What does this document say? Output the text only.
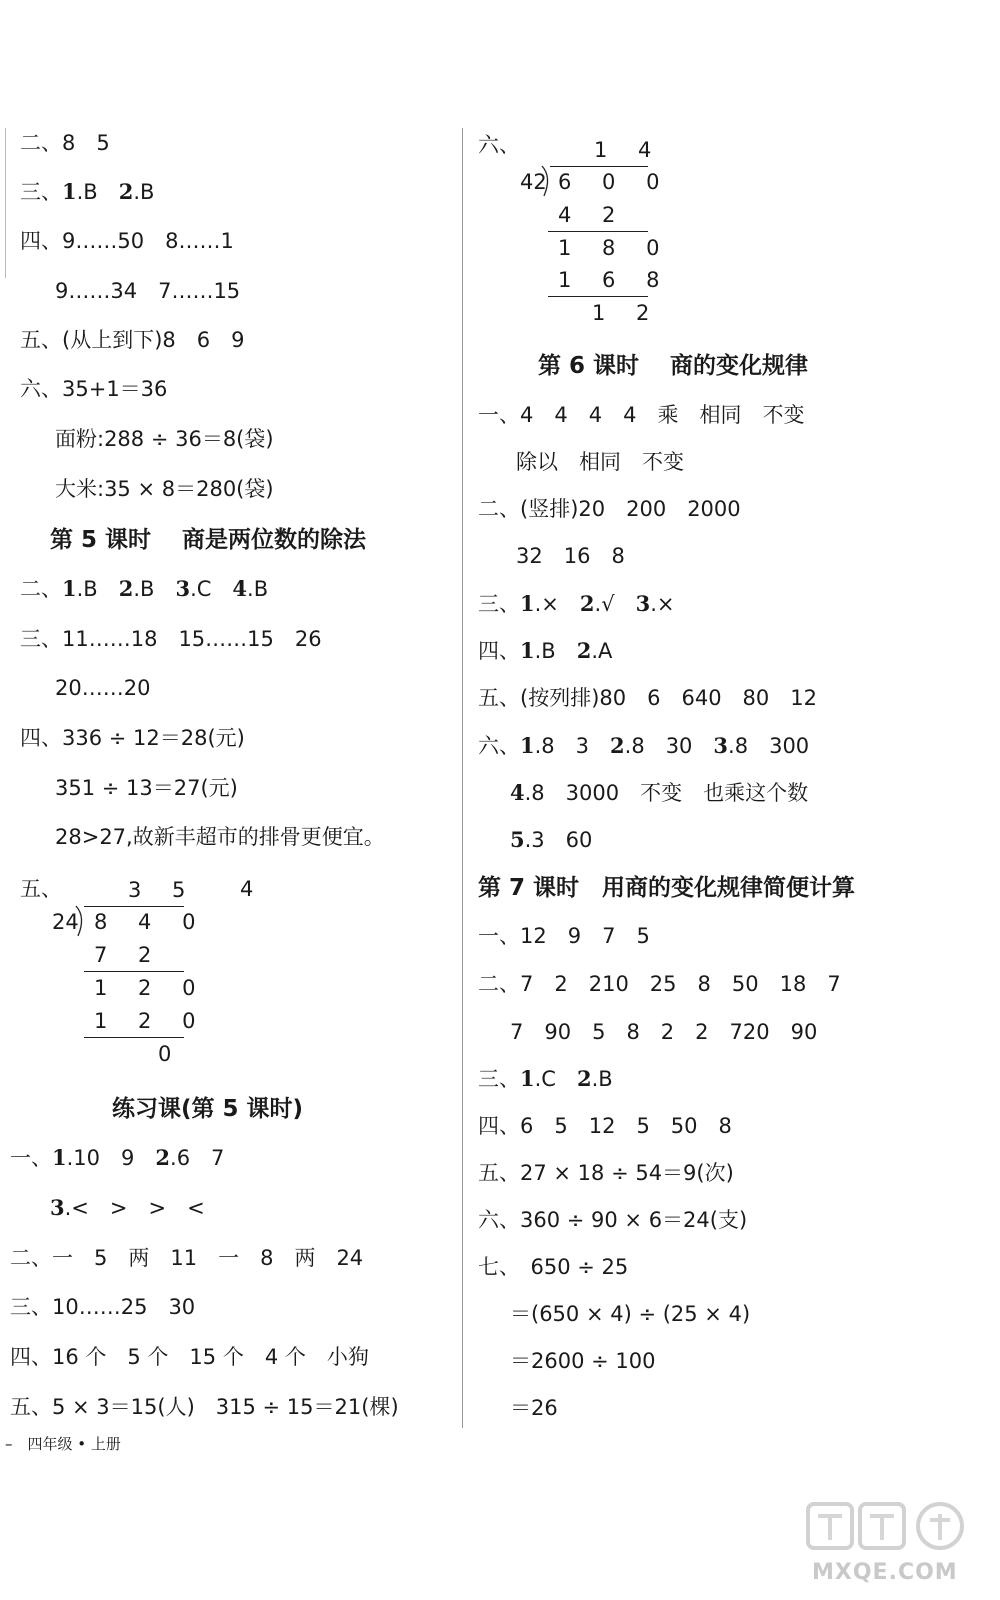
二、8　5
三、1.B　2.B
四、9……50　8……1
9……34　7……15
五、(从上到下)8　6　9
六、35+1＝36
面粉:288 ÷ 36＝8(袋)
大米:35 × 8＝280(袋)
第 5 课时　 商是两位数的除法
二、1.B　2.B　3.C　4.B
三、11……18　15……15　26
20……20
四、336 ÷ 12＝28(元)
351 ÷ 13＝27(元)
28>27,故新丰超市的排骨更便宜。
五、	4
3 5
24 8 4 0
7 2
1 2 0
1 2 0
0
练习课(第 5 课时)
一、1.10　9　2.6　7
3.<　>　>　<
二、一　5　两　11　一　8　两　24
三、10……25　30
四、16 个　5 个　15 个　4 个　小狗
五、5 × 3＝15(人)　315 ÷ 15＝21(棵)
六、	1 4
42 6 0 0
4 2
1 8 0
1 6 8
1 2
第 6 课时　 商的变化规律
一、4　4　4　4　乘　相同　不变
除以　相同　不变
二、(竖排)20　200　2000
32　16　8
三、1.×　2.√　3.×
四、1.B　2.A
五、(按列排)80　6　640　80　12
六、1.8　3　2.8　30　3.8　300
4.8　3000　不变　也乘这个数
5.3　60
第 7 课时　用商的变化规律简便计算
一、12　9　7　5
二、7　2　210　25　8　50　18　7
7　90　5　8　2　2　720　90
三、1.C　2.B
四、6　5　12　5　50　8
五、27 × 18 ÷ 54＝9(次)
六、360 ÷ 90 × 6＝24(支)
七、　650 ÷ 25
＝(650 × 4) ÷ (25 × 4)
＝2600 ÷ 100
＝26
–　四年级 • 上册
MXQE.COM
